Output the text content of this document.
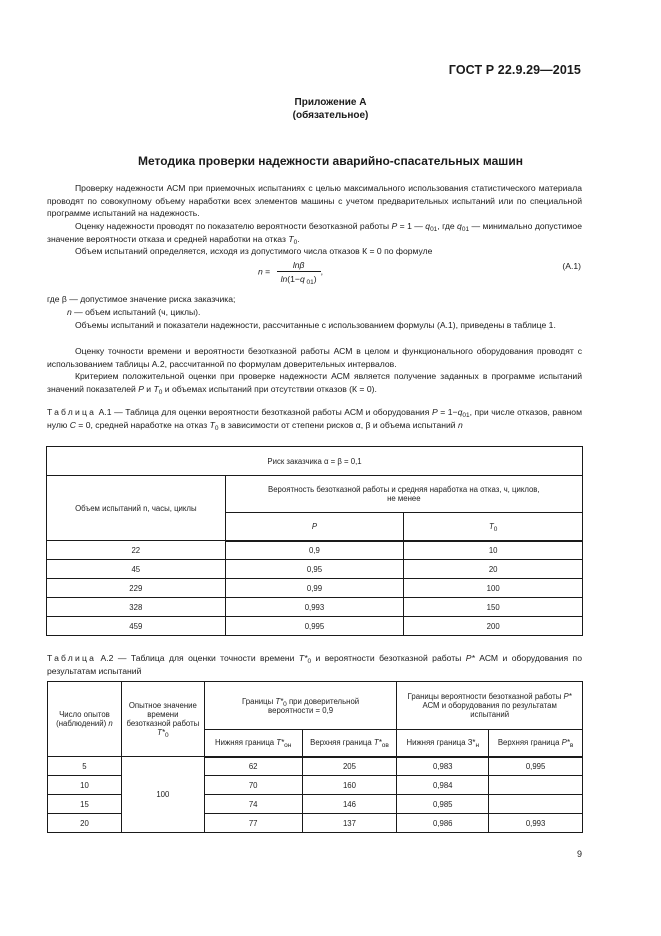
ГОСТ Р 22.9.29—2015
Приложение А
(обязательное)
Методика проверки надежности аварийно-спасательных машин
Проверку надежности АСМ при приемочных испытаниях с целью максимального использования статистического материала проводят по совокупному объему наработки всех элементов машины с учетом предварительных испытаний или по специальной программе испытаний на надежность.
Оценку надежности проводят по показателю вероятности безотказной работы P = 1 — $q_{01}$, где $q_{01}$ — минимально допустимое значение вероятности отказа и средней наработки на отказ $T_0$.
Объем испытаний определяется, исходя из допустимого числа отказов К = 0 по формуле
$n = \frac{\ln\beta}{\ln(1-q _{01})}$ ,
(А.1)
где β — допустимое значение риска заказчика;
n — объем испытаний (ч, циклы).
Объемы испытаний и показатели надежности, рассчитанные с использованием формулы (А.1), приведены в таблице 1.
Оценку точности времени и вероятности безотказной работы АСМ в целом и функционального оборудования проводят с использованием таблицы А.2, рассчитанной по формулам доверительных интервалов.
Критерием положительной оценки при проверке надежности АСМ является получение заданных в программе испытаний значений показателей P и $T_0$ и объемах испытаний при отсутствии отказов (К = 0).
Таблица А.1 — Таблица для оценки вероятности безотказной работы АСМ и оборудования $P = 1-q_{01}$, при числе отказов, равном нулю C = 0, средней наработке на отказ $T_0$ в зависимости от степени рисков α, β и объема испытаний n
Риск заказчика α = β = 0,1		
Объем испытаний n, часы, циклы	Вероятность безотказной работы и средняя наработка на отказ, ч, циклов, не менее	
	P	$T_0$
22	0,9	10
45	0,95	20
229	0,99	100
328	0,993	150
459	0,995	200
Таблица А.2 — Таблица для оценки точности времени $T*_0$ и вероятности безотказной работы P* АСМ и оборудования по результатам испытаний
Число опытов (наблюдений) n	Опытное значение времени безотказной работы $T*_0$	Границы $T*_0$ при доверительной вероятности = 0,9		Границы вероятности безотказной работы P* АСМ и оборудования по результатам испытаний	
		Нижняя граница $T*_{он}$	Верхняя граница $T*_{ов}$	Нижняя граница $З*_н$	Верхняя граница $P*_в$
5	100	62	205	0,983	0,995
10		70	160	0,984	
15		74	146	0,985	
20		77	137	0,986	0,993
9
